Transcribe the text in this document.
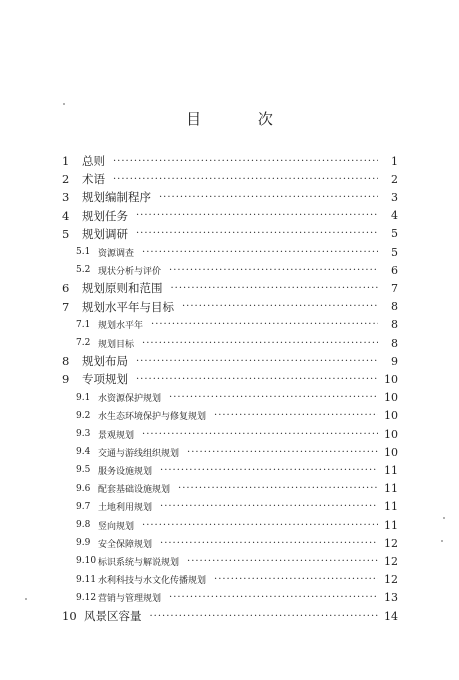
目 次
1	总则 ·····	1
2	术语 ·····	2
3	规划编制程序 ·····	3
4	规划任务 ·····	4
5	规划调研 ·····	5
5.1 资源调查 ·····	5
5.2 现状分析与评价 ·····	6
6	规划原则和范围 ·····	7
7	规划水平年与目标 ·····	8
7.1 规划水平年 ·····	8
7.2 规划目标 ·····	8
8	规划布局 ·····	9
9	专项规划 ·····	10
9.1 水资源保护规划 ·····	10
9.2 水生态环境保护与修复规划 ·····	10
9.3 景观规划 ·····	10
9.4 交通与游线组织规划 ·····	10
9.5 服务设施规划 ·····	11
9.6 配套基础设施规划 ·····	11
9.7 土地利用规划 ·····	11
9.8 竖向规划 ·····	11
9.9 安全保障规划 ·····	12
9.10 标识系统与解说规划 ·····	12
9.11 水利科技与水文化传播规划 ·····	12
9.12 营销与管理规划 ·····	13
10 风景区容量 ·····	14
